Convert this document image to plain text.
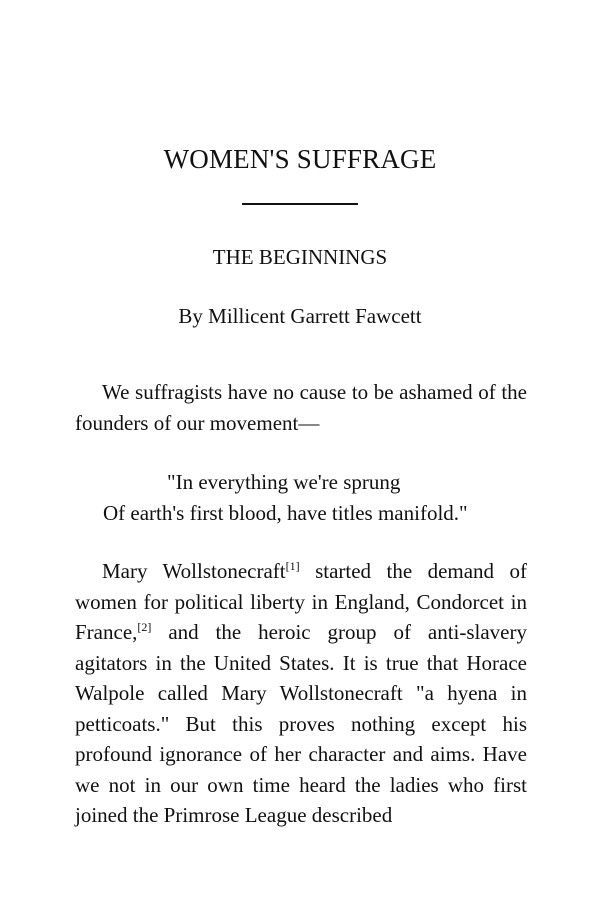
WOMEN'S SUFFRAGE
THE BEGINNINGS

By Millicent Garrett Fawcett

We suffragists have no cause to be ashamed of the founders of our movement—

"In everything we're sprung
Of earth's first blood, have titles manifold."

Mary Wollstonecraft[1] started the demand of women for political liberty in England, Condorcet in France,[2] and the heroic group of anti-slavery agitators in the United States. It is true that Horace Walpole called Mary Wollstonecraft "a hyena in petticoats." But this proves nothing except his profound ignorance of her character and aims. Have we not in our own time heard the ladies who first joined the Primrose League described
